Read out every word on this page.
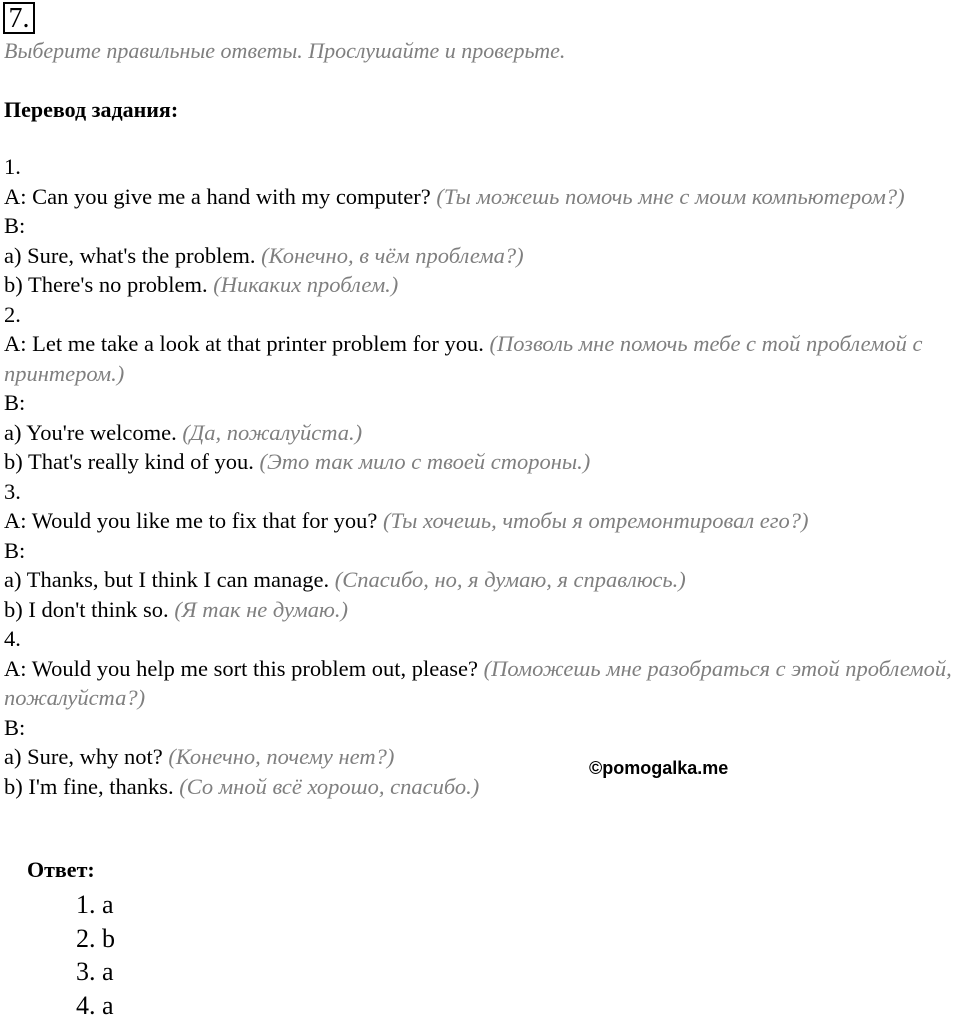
7.
Выберите правильные ответы. Прослушайте и проверьте.
Перевод задания:
1.
A: Can you give me a hand with my computer? (Ты можешь помочь мне с моим компьютером?)
B:
a) Sure, what's the problem. (Конечно, в чём проблема?)
b) There's no problem. (Никаких проблем.)
2.
A: Let me take a look at that printer problem for you. (Позволь мне помочь тебе с той проблемой с принтером.)
B:
a) You're welcome. (Да, пожалуйста.)
b) That's really kind of you. (Это так мило с твоей стороны.)
3.
A: Would you like me to fix that for you? (Ты хочешь, чтобы я отремонтировал его?)
B:
a) Thanks, but I think I can manage. (Спасибо, но, я думаю, я справлюсь.)
b) I don't think so. (Я так не думаю.)
4.
A: Would you help me sort this problem out, please? (Поможешь мне разобраться с этой проблемой, пожалуйста?)
B:
a) Sure, why not? (Конечно, почему нет?)
b) I'm fine, thanks. (Со мной всё хорошо, спасибо.)
©pomogalka.me
Ответ:
1. a
2. b
3. a
4. a
